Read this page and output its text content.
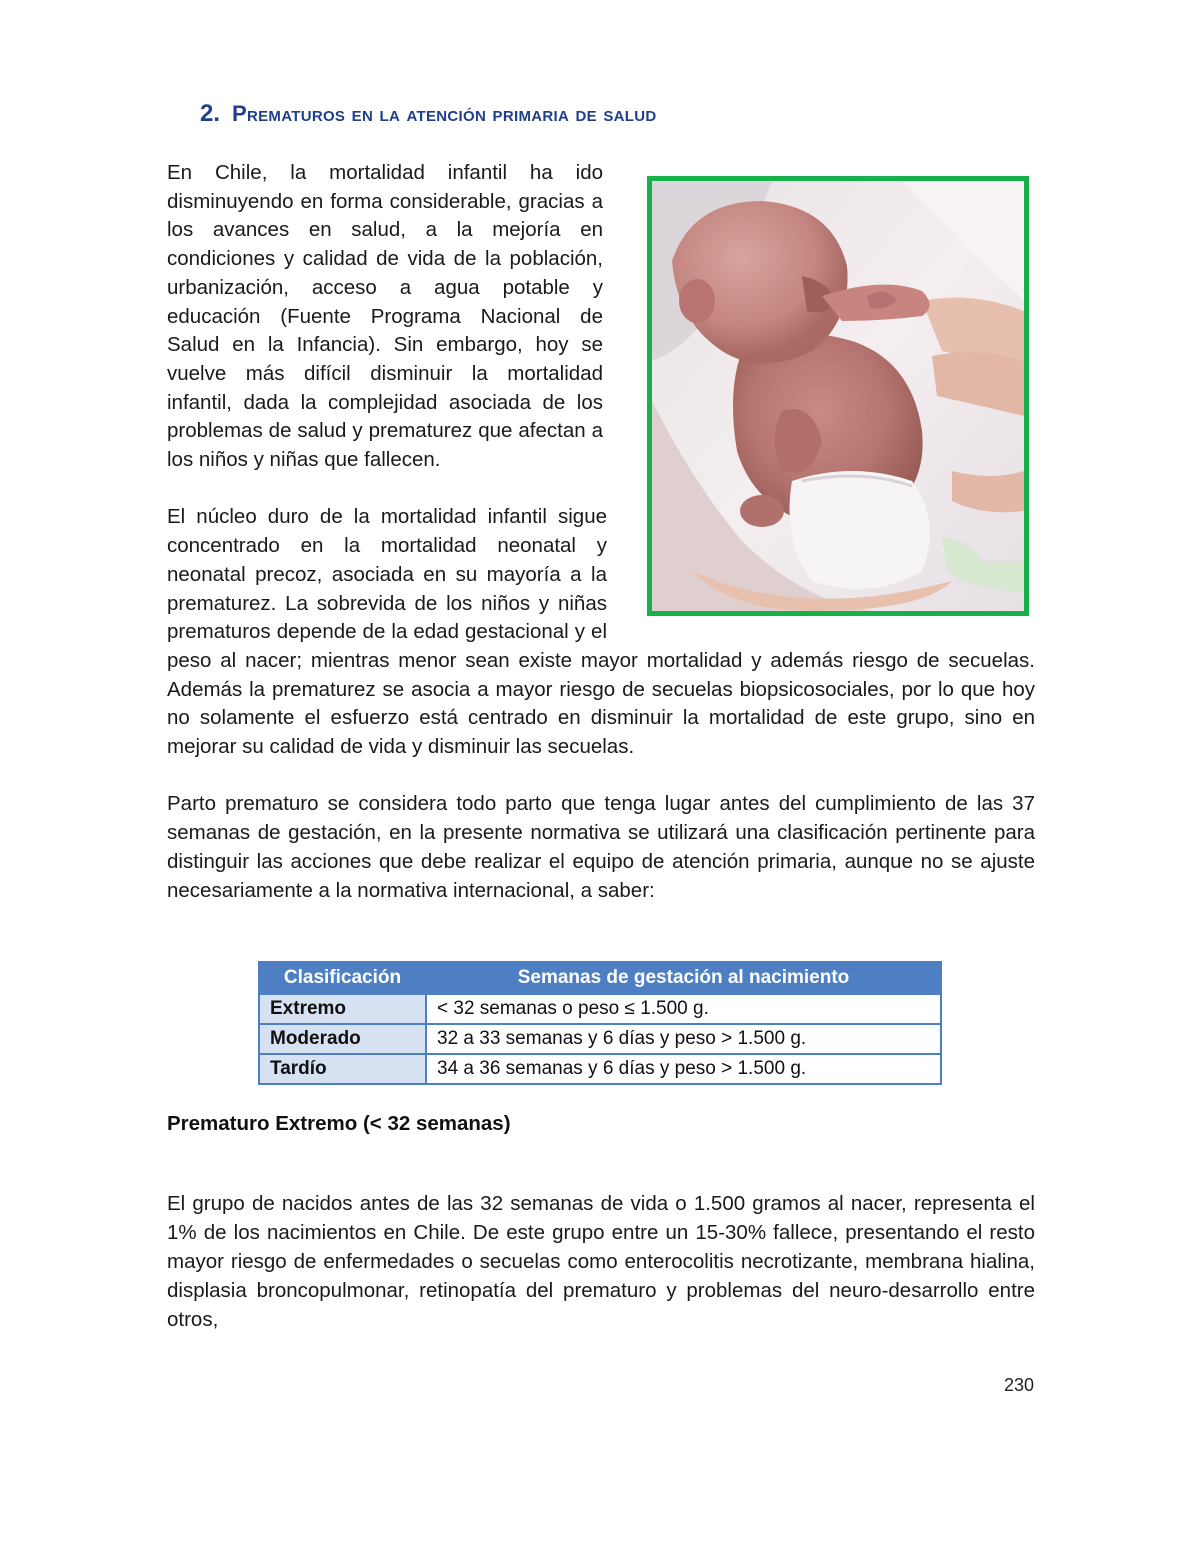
2. Prematuros en la atención primaria de salud

En Chile, la mortalidad infantil ha ido disminuyendo en forma considerable, gracias a los avances en salud, a la mejoría en condiciones y calidad de vida de la población, urbanización, acceso a agua potable y educación (Fuente Programa Nacional de Salud en la Infancia). Sin embargo, hoy se vuelve más difícil disminuir la mortalidad infantil, dada la complejidad asociada de los problemas de salud y prematurez que afectan a los niños y niñas que fallecen.

El núcleo duro de la mortalidad infantil sigue concentrado en la mortalidad neonatal y neonatal precoz, asociada en su mayoría a la prematurez. La sobrevida de los niños y niñas prematuros depende de la edad gestacional y el peso al nacer; mientras menor sean existe mayor mortalidad y además riesgo de secuelas. Además la prematurez se asocia a mayor riesgo de secuelas biopsicosociales, por lo que hoy no solamente el esfuerzo está centrado en disminuir la mortalidad de este grupo, sino en mejorar su calidad de vida y disminuir las secuelas.

Parto prematuro se considera todo parto que tenga lugar antes del cumplimiento de las 37 semanas de gestación, en la presente normativa se utilizará una clasificación pertinente para distinguir las acciones que debe realizar el equipo de atención primaria, aunque no se ajuste necesariamente a la normativa internacional, a saber:

Clasificación	Semanas de gestación al nacimiento
Extremo	< 32 semanas o peso ≤ 1.500 g.
Moderado	32 a 33 semanas y 6 días y peso > 1.500 g.
Tardío	34 a 36 semanas y 6 días y peso > 1.500 g.
Prematuro Extremo (< 32 semanas)

El grupo de nacidos antes de las 32 semanas de vida o 1.500 gramos al nacer, representa el 1% de los nacimientos en Chile. De este grupo entre un 15-30% fallece, presentando el resto mayor riesgo de enfermedades o secuelas como enterocolitis necrotizante, membrana hialina, displasia broncopulmonar, retinopatía del prematuro y problemas del neuro-desarrollo entre otros,

230
